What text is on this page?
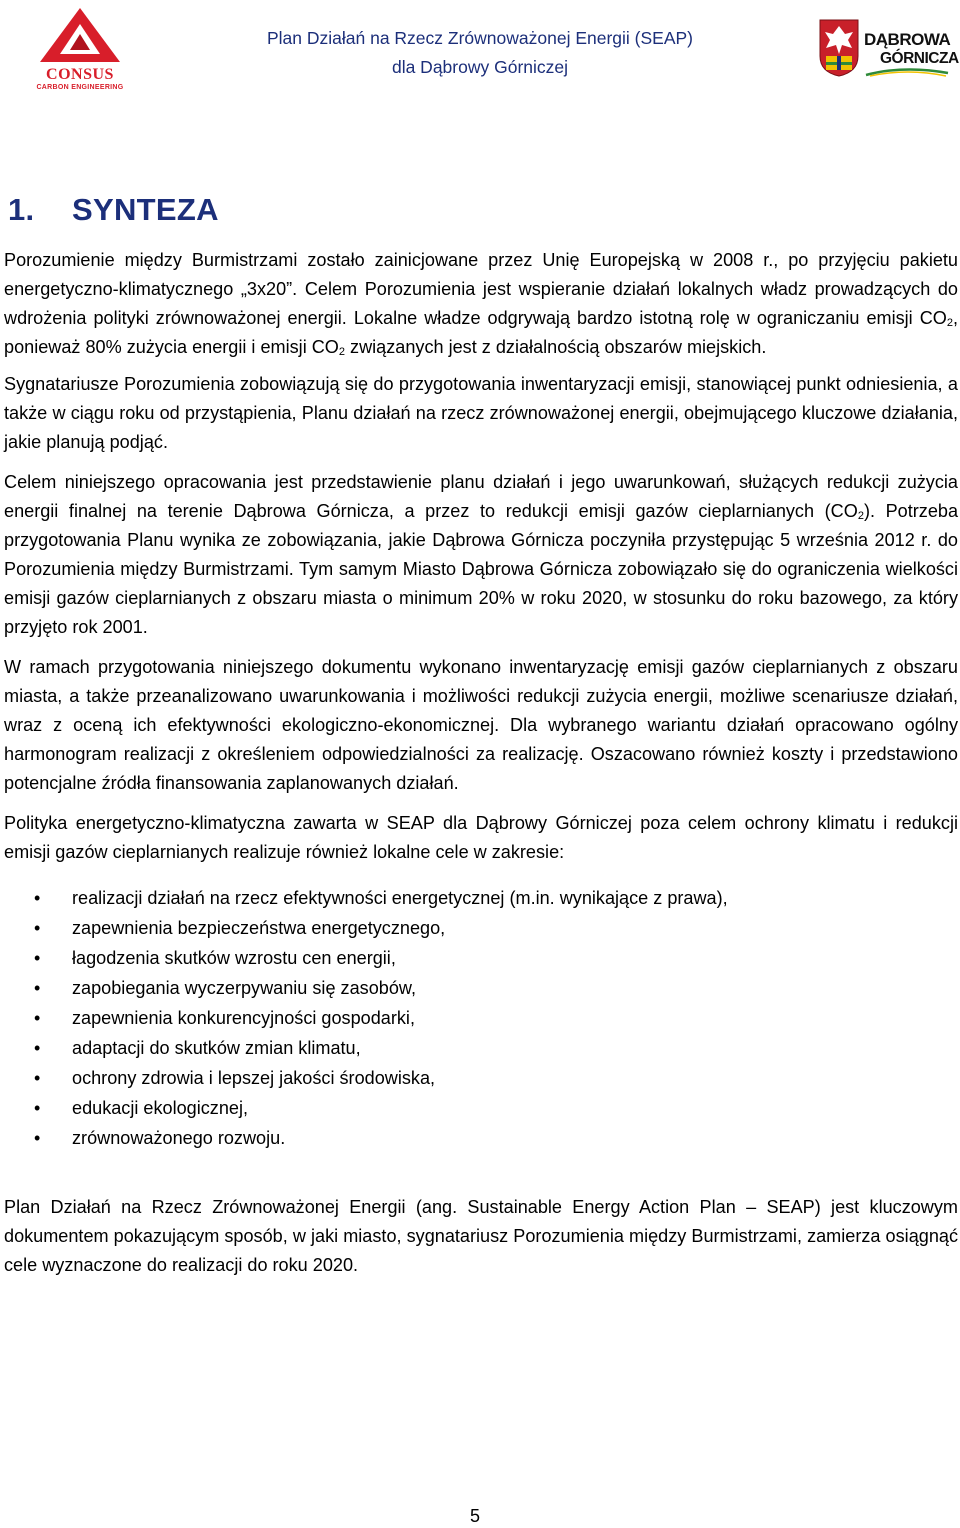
CONSUS
CARBON ENGINEERING
Plan Działań na Rzecz Zrównoważonej Energii (SEAP)
dla Dąbrowy Górniczej
DĄBROWA
GÓRNICZA
1. SYNTEZA

Porozumienie między Burmistrzami zostało zainicjowane przez Unię Europejską w 2008 r., po przyjęciu pakietu energetyczno-klimatycznego „3x20”. Celem Porozumienia jest wspieranie działań lokalnych władz prowadzących do wdrożenia polityki zrównoważonej energii. Lokalne władze odgrywają bardzo istotną rolę w ograniczaniu emisji $CO_2$, ponieważ 80% zużycia energii i emisji $CO_2$ związanych jest z działalnością obszarów miejskich.

Sygnatariusze Porozumienia zobowiązują się do przygotowania inwentaryzacji emisji, stanowiącej punkt odniesienia, a także w ciągu roku od przystąpienia, Planu działań na rzecz zrównoważonej energii, obejmującego kluczowe działania, jakie planują podjąć.

Celem niniejszego opracowania jest przedstawienie planu działań i jego uwarunkowań, służących redukcji zużycia energii finalnej na terenie Dąbrowa Górnicza, a przez to redukcji emisji gazów cieplarnianych $(CO_2)$. Potrzeba przygotowania Planu wynika ze zobowiązania, jakie Dąbrowa Górnicza poczyniła przystępując 5 września 2012 r. do Porozumienia między Burmistrzami. Tym samym Miasto Dąbrowa Górnicza zobowiązało się do ograniczenia wielkości emisji gazów cieplarnianych z obszaru miasta o minimum 20% w roku 2020, w stosunku do roku bazowego, za który przyjęto rok 2001.

W ramach przygotowania niniejszego dokumentu wykonano inwentaryzację emisji gazów cieplarnianych z obszaru miasta, a także przeanalizowano uwarunkowania i możliwości redukcji zużycia energii, możliwe scenariusze działań, wraz z oceną ich efektywności ekologiczno-ekonomicznej. Dla wybranego wariantu działań opracowano ogólny harmonogram realizacji z określeniem odpowiedzialności za realizację. Oszacowano również koszty i przedstawiono potencjalne źródła finansowania zaplanowanych działań.

Polityka energetyczno-klimatyczna zawarta w SEAP dla Dąbrowy Górniczej poza celem ochrony klimatu i redukcji emisji gazów cieplarnianych realizuje również lokalne cele w zakresie:

• realizacji działań na rzecz efektywności energetycznej (m.in. wynikające z prawa),
• zapewnienia bezpieczeństwa energetycznego,
• łagodzenia skutków wzrostu cen energii,
• zapobiegania wyczerpywaniu się zasobów,
• zapewnienia konkurencyjności gospodarki,
• adaptacji do skutków zmian klimatu,
• ochrony zdrowia i lepszej jakości środowiska,
• edukacji ekologicznej,
• zrównoważonego rozwoju.

Plan Działań na Rzecz Zrównoważonej Energii (ang. Sustainable Energy Action Plan – SEAP) jest kluczowym dokumentem pokazującym sposób, w jaki miasto, sygnatariusz Porozumienia między Burmistrzami, zamierza osiągnąć cele wyznaczone do realizacji do roku 2020.

5
